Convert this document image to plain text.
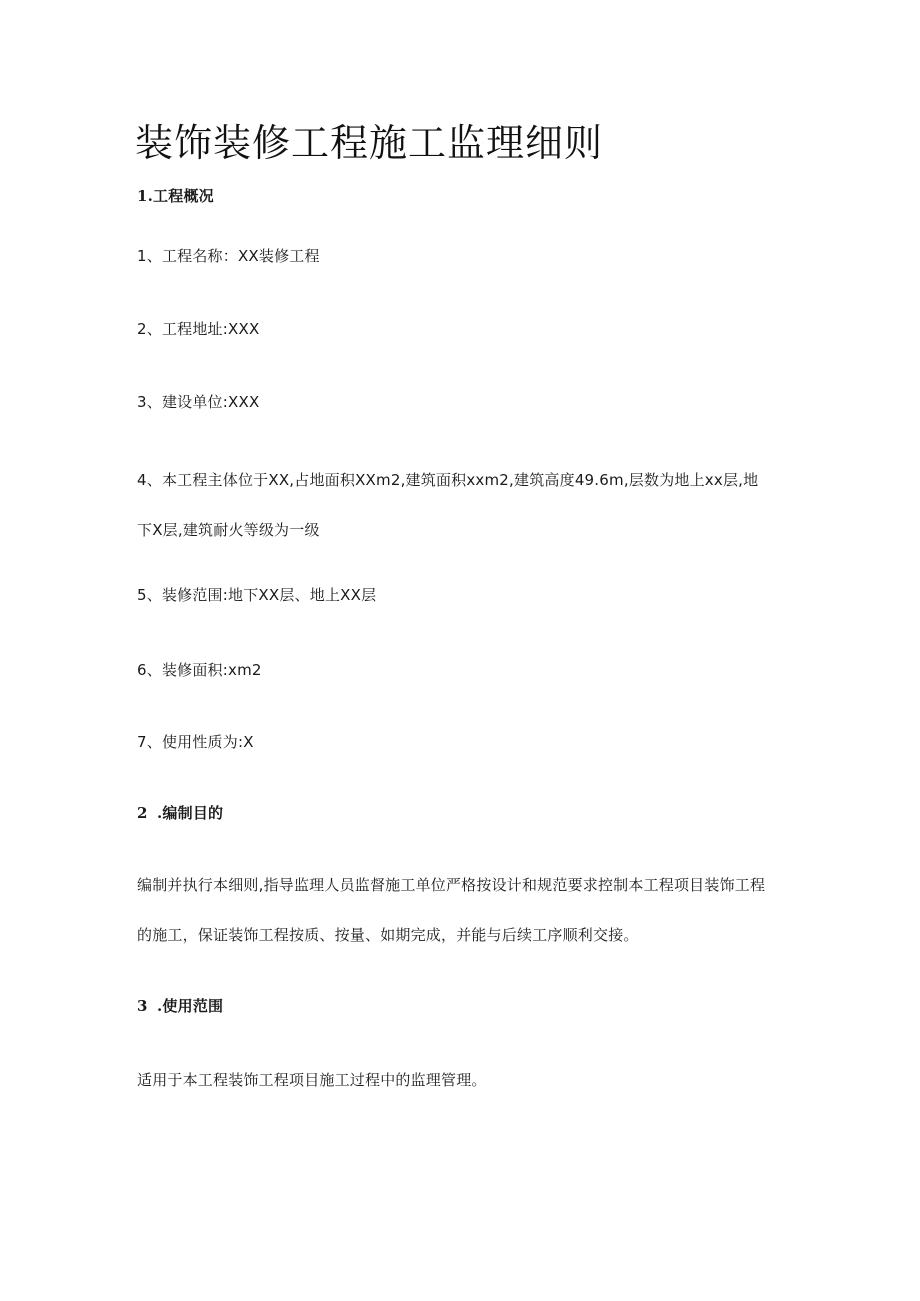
装饰装修工程施工监理细则
1.工程概况
1、工程名称：XX装修工程
2、工程地址:XXX
3、建设单位:XXX
4、本工程主体位于XX,占地面积XXm2,建筑面积xxm2,建筑高度49.6m,层数为地上xx层,地
下X层,建筑耐火等级为一级
5、装修范围:地下XX层、地上XX层
6、装修面积:xm2
7、使用性质为:X
2 .编制目的
编制并执行本细则,指导监理人员监督施工单位严格按设计和规范要求控制本工程项目装饰工程
的施工，保证装饰工程按质、按量、如期完成，并能与后续工序顺利交接。
3 .使用范围
适用于本工程装饰工程项目施工过程中的监理管理。
